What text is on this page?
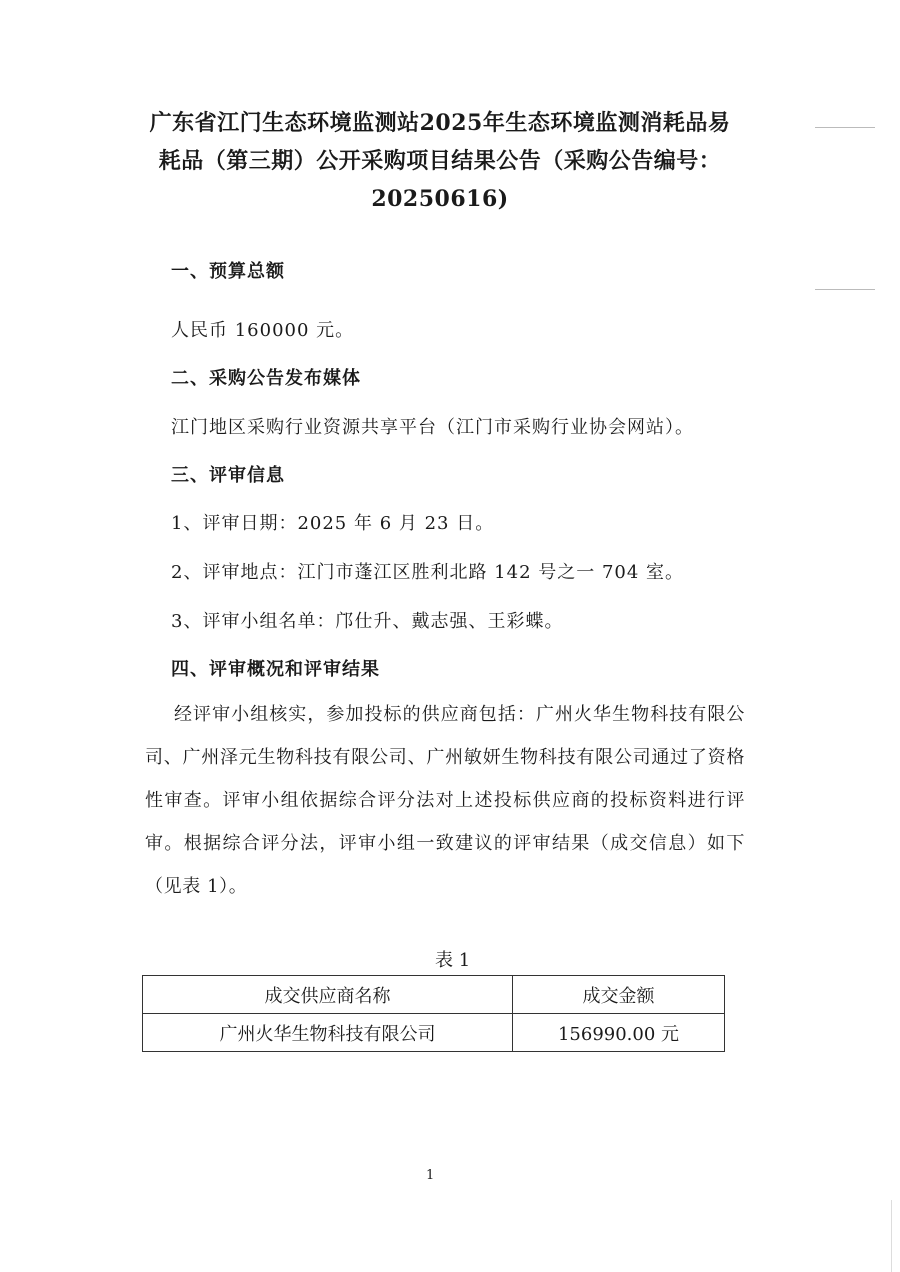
广东省江门生态环境监测站2025年生态环境监测消耗品易
耗品（第三期）公开采购项目结果公告（采购公告编号：
20250616)
一、预算总额
人民币 160000 元。
二、采购公告发布媒体
江门地区采购行业资源共享平台（江门市采购行业协会网站）。
三、评审信息
1、评审日期：2025 年 6 月 23 日。
2、评审地点：江门市蓬江区胜利北路 142 号之一 704 室。
3、评审小组名单：邝仕升、戴志强、王彩蝶。
四、评审概况和评审结果
经评审小组核实，参加投标的供应商包括：广州火华生物科技有限公司、广州泽元生物科技有限公司、广州敏妍生物科技有限公司通过了资格性审查。评审小组依据综合评分法对上述投标供应商的投标资料进行评审。根据综合评分法，评审小组一致建议的评审结果（成交信息）如下（见表 1）。
表 1
成交供应商名称	成交金额
广州火华生物科技有限公司	156990.00 元
1
